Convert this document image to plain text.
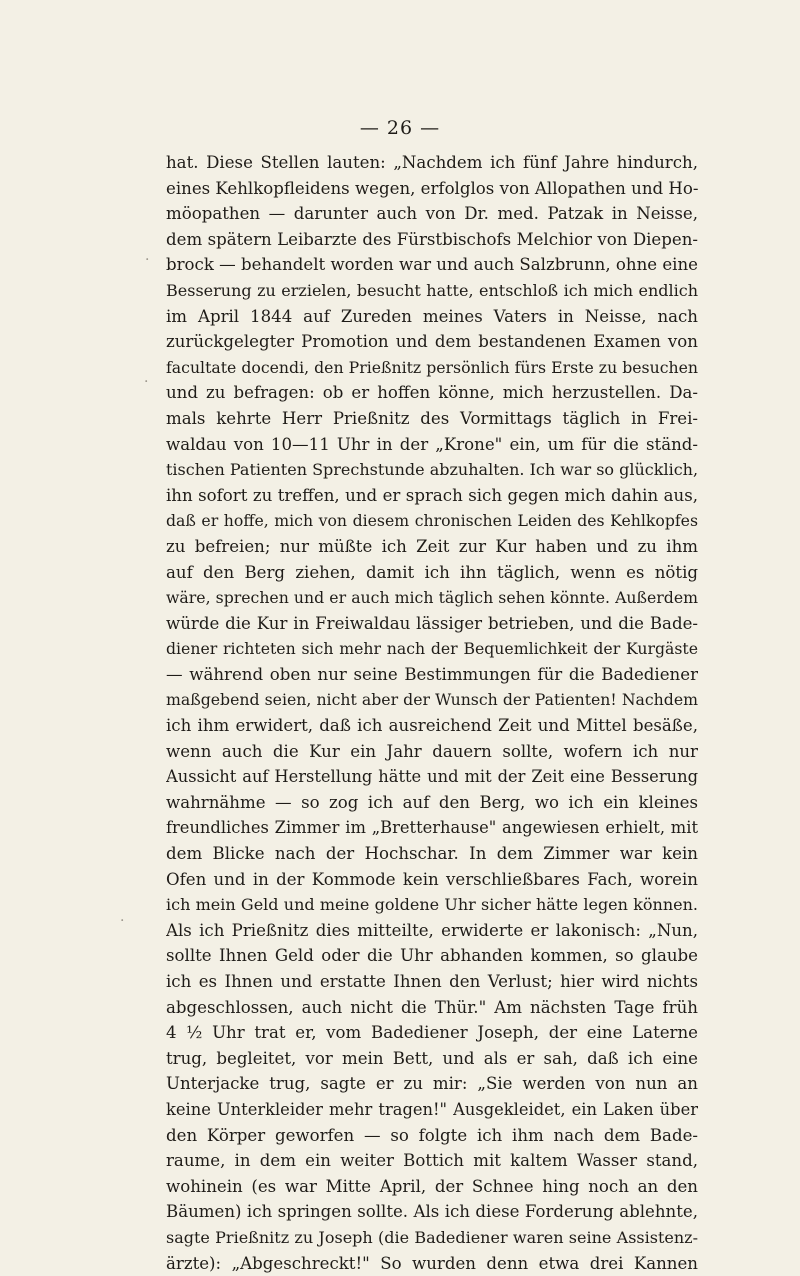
— 26 —
hat. Diese Stellen lauten: „Nachdem ich fünf Jahre hindurch,
eines Kehlkopfleidens wegen, erfolglos von Allopathen und Ho-
möopathen — darunter auch von Dr. med. Patzak in Neisse,
dem spätern Leibarzte des Fürstbischofs Melchior von Diepen-
brock — behandelt worden war und auch Salzbrunn, ohne eine
Besserung zu erzielen, besucht hatte, entschloß ich mich endlich
im April 1844 auf Zureden meines Vaters in Neisse, nach
zurückgelegter Promotion und dem bestandenen Examen von
facultate docendi, den Prießnitz persönlich fürs Erste zu besuchen
und zu befragen: ob er hoffen könne, mich herzustellen. Da-
mals kehrte Herr Prießnitz des Vormittags täglich in Frei-
waldau von 10—11 Uhr in der „Krone" ein, um für die ständ-
tischen Patienten Sprechstunde abzuhalten. Ich war so glücklich,
ihn sofort zu treffen, und er sprach sich gegen mich dahin aus,
daß er hoffe, mich von diesem chronischen Leiden des Kehlkopfes
zu befreien; nur müßte ich Zeit zur Kur haben und zu ihm
auf den Berg ziehen, damit ich ihn täglich, wenn es nötig
wäre, sprechen und er auch mich täglich sehen könnte. Außerdem
würde die Kur in Freiwaldau lässiger betrieben, und die Bade-
diener richteten sich mehr nach der Bequemlichkeit der Kurgäste
— während oben nur seine Bestimmungen für die Badediener
maßgebend seien, nicht aber der Wunsch der Patienten! Nachdem
ich ihm erwidert, daß ich ausreichend Zeit und Mittel besäße,
wenn auch die Kur ein Jahr dauern sollte, wofern ich nur
Aussicht auf Herstellung hätte und mit der Zeit eine Besserung
wahrnähme — so zog ich auf den Berg, wo ich ein kleines
freundliches Zimmer im „Bretterhause" angewiesen erhielt, mit
dem Blicke nach der Hochschar. In dem Zimmer war kein
Ofen und in der Kommode kein verschließbares Fach, worein
ich mein Geld und meine goldene Uhr sicher hätte legen können.
Als ich Prießnitz dies mitteilte, erwiderte er lakonisch: „Nun,
sollte Ihnen Geld oder die Uhr abhanden kommen, so glaube
ich es Ihnen und erstatte Ihnen den Verlust; hier wird nichts
abgeschlossen, auch nicht die Thür." Am nächsten Tage früh
4 ½ Uhr trat er, vom Badediener Joseph, der eine Laterne
trug, begleitet, vor mein Bett, und als er sah, daß ich eine
Unterjacke trug, sagte er zu mir: „Sie werden von nun an
keine Unterkleider mehr tragen!" Ausgekleidet, ein Laken über
den Körper geworfen — so folgte ich ihm nach dem Bade-
raume, in dem ein weiter Bottich mit kaltem Wasser stand,
wohinein (es war Mitte April, der Schnee hing noch an den
Bäumen) ich springen sollte. Als ich diese Forderung ablehnte,
sagte Prießnitz zu Joseph (die Badediener waren seine Assistenz-
ärzte): „Abgeschreckt!" So wurden denn etwa drei Kannen
·
·
·
